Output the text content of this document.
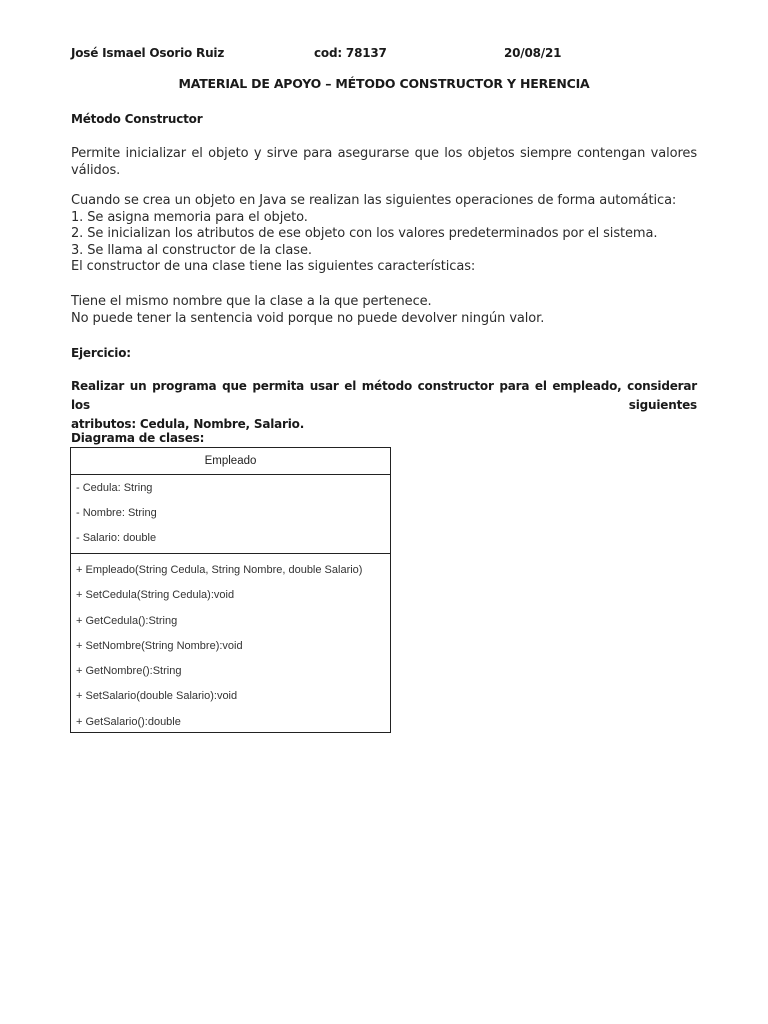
José Ismael Osorio Ruiz	cod: 78137	20/08/21
MATERIAL DE APOYO – MÉTODO CONSTRUCTOR Y HERENCIA
Método Constructor
Permite inicializar el objeto y sirve para asegurarse que los objetos siempre contengan valores
válidos.
Cuando se crea un objeto en Java se realizan las siguientes operaciones de forma automática:
1. Se asigna memoria para el objeto.
2. Se inicializan los atributos de ese objeto con los valores predeterminados por el sistema.
3. Se llama al constructor de la clase.
El constructor de una clase tiene las siguientes características:
Tiene el mismo nombre que la clase a la que pertenece.
No puede tener la sentencia void porque no puede devolver ningún valor.
Ejercicio:
Realizar un programa que permita usar el método constructor para el empleado, considerar los siguientes
atributos: Cedula, Nombre, Salario.
Diagrama de clases:
Empleado
- Cedula: String
- Nombre: String
- Salario: double
+ Empleado(String Cedula, String Nombre, double Salario)
+ SetCedula(String Cedula):void
+ GetCedula():String
+ SetNombre(String Nombre):void
+ GetNombre():String
+ SetSalario(double Salario):void
+ GetSalario():double
